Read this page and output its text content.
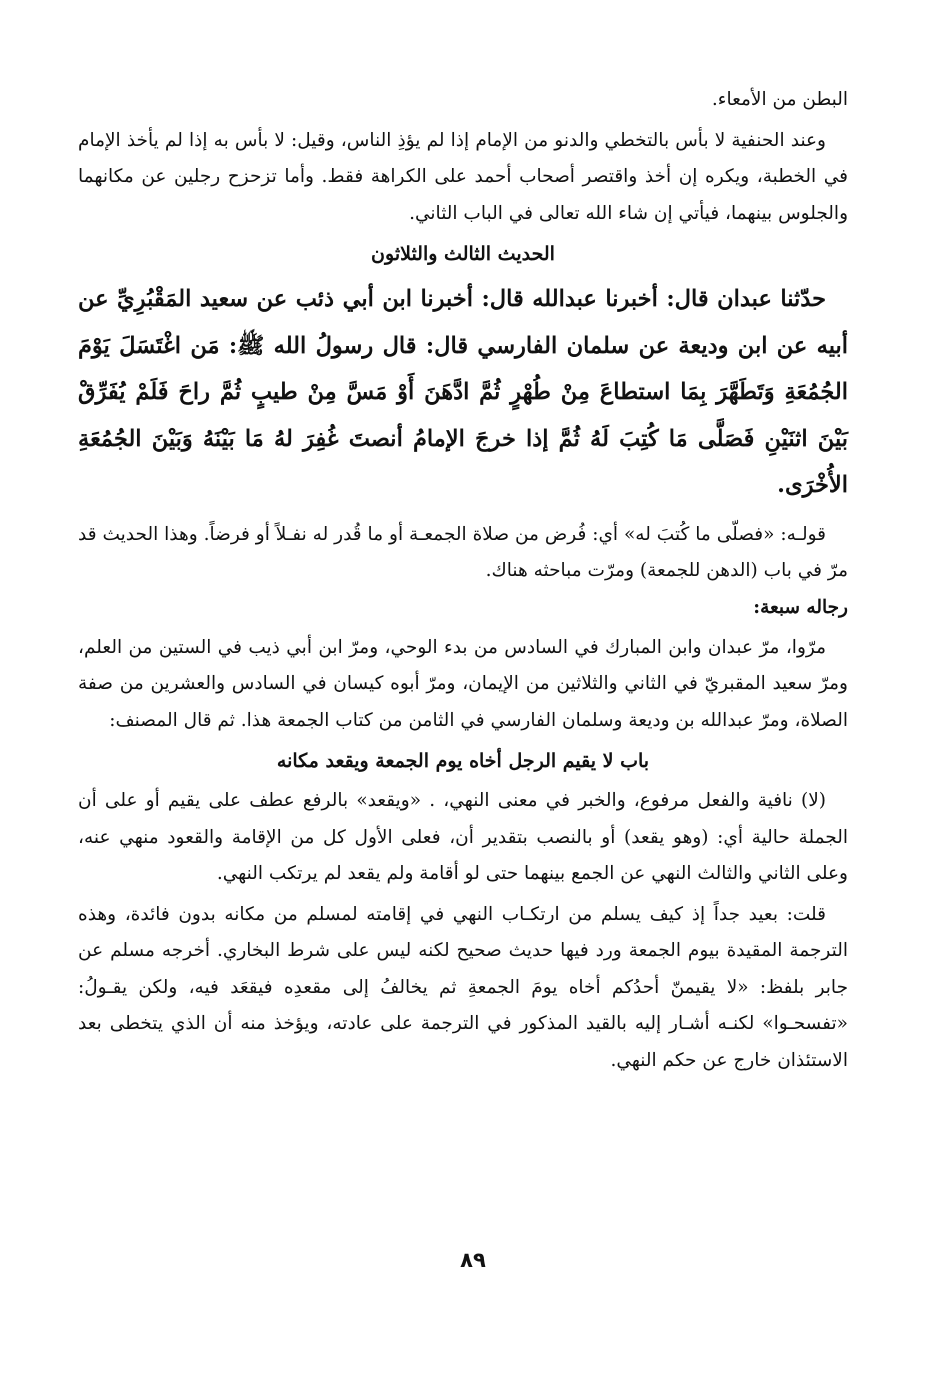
البطن من الأمعاء.

وعند الحنفية لا بأس بالتخطي والدنو من الإمام إذا لم يؤذِ الناس، وقيل: لا بأس به إذا لم يأخذ الإمام في الخطبة، ويكره إن أخذ واقتصر أصحاب أحمد على الكراهة فقط. وأما تزحزح رجلين عن مكانهما والجلوس بينهما، فيأتي إن شاء الله تعالى في الباب الثاني.

الحديث الثالث والثلاثون

حدّثنا عبدان قال: أخبرنا عبدالله قال: أخبرنا ابن أبي ذئب عن سعيد المَقْبُرِيِّ عن أبيه عن ابن وديعة عن سلمان الفارسي قال: قال رسولُ الله ﷺ: مَن اغْتَسَلَ يَوْمَ الجُمُعَةِ وَتَطَهَّرَ بِمَا استطاعَ مِنْ طُهْرٍ ثُمَّ ادَّهَنَ أَوْ مَسَّ مِنْ طيبٍ ثُمَّ راحَ فَلَمْ يُفَرِّقْ بَيْنَ اثنَيْنِ فَصَلَّى مَا كُتِبَ لَهُ ثُمَّ إذا خرجَ الإمامُ أنصتَ غُفِرَ لهُ مَا بَيْنَهُ وَبَيْنَ الجُمُعَةِ الأُخْرَى.

قولـه: «فصلّى ما كُتبَ له» أي: فُرض من صلاة الجمعـة أو ما قُدر له نفـلاً أو فرضاً. وهذا الحديث قد مرّ في باب (الدهن للجمعة) ومرّت مباحثه هناك.

رجاله سبعة:

مرّوا، مرّ عبدان وابن المبارك في السادس من بدء الوحي، ومرّ ابن أبي ذيب في الستين من العلم، ومرّ سعيد المقبريّ في الثاني والثلاثين من الإيمان، ومرّ أبوه كيسان في السادس والعشرين من صفة الصلاة، ومرّ عبدالله بن وديعة وسلمان الفارسي في الثامن من كتاب الجمعة هذا. ثم قال المصنف:

باب لا يقيم الرجل أخاه يوم الجمعة ويقعد مكانه

(لا) نافية والفعل مرفوع، والخبر في معنى النهي، . «ويقعد» بالرفع عطف على يقيم أو على أن الجملة حالية أي: (وهو يقعد) أو بالنصب بتقدير أن، فعلى الأول كل من الإقامة والقعود منهي عنه، وعلى الثاني والثالث النهي عن الجمع بينهما حتى لو أقامة ولم يقعد لم يرتكب النهي.

قلت: بعيد جداً إذ كيف يسلم من ارتكـاب النهي في إقامته لمسلم من مكانه بدون فائدة، وهذه الترجمة المقيدة بيوم الجمعة ورد فيها حديث صحيح لكنه ليس على شرط البخاري. أخرجه مسلم عن جابر بلفظ: «لا يقيمنّ أحدُكم أخاه يومَ الجمعةِ ثم يخالفُ إلى مقعدِه فيقعَد فيه، ولكن يقـولُ: «تفسحـوا» لكنـه أشـار إليه بالقيد المذكور في الترجمة على عادته، ويؤخذ منه أن الذي يتخطى بعد الاستئذان خارج عن حكم النهي.

٨٩
